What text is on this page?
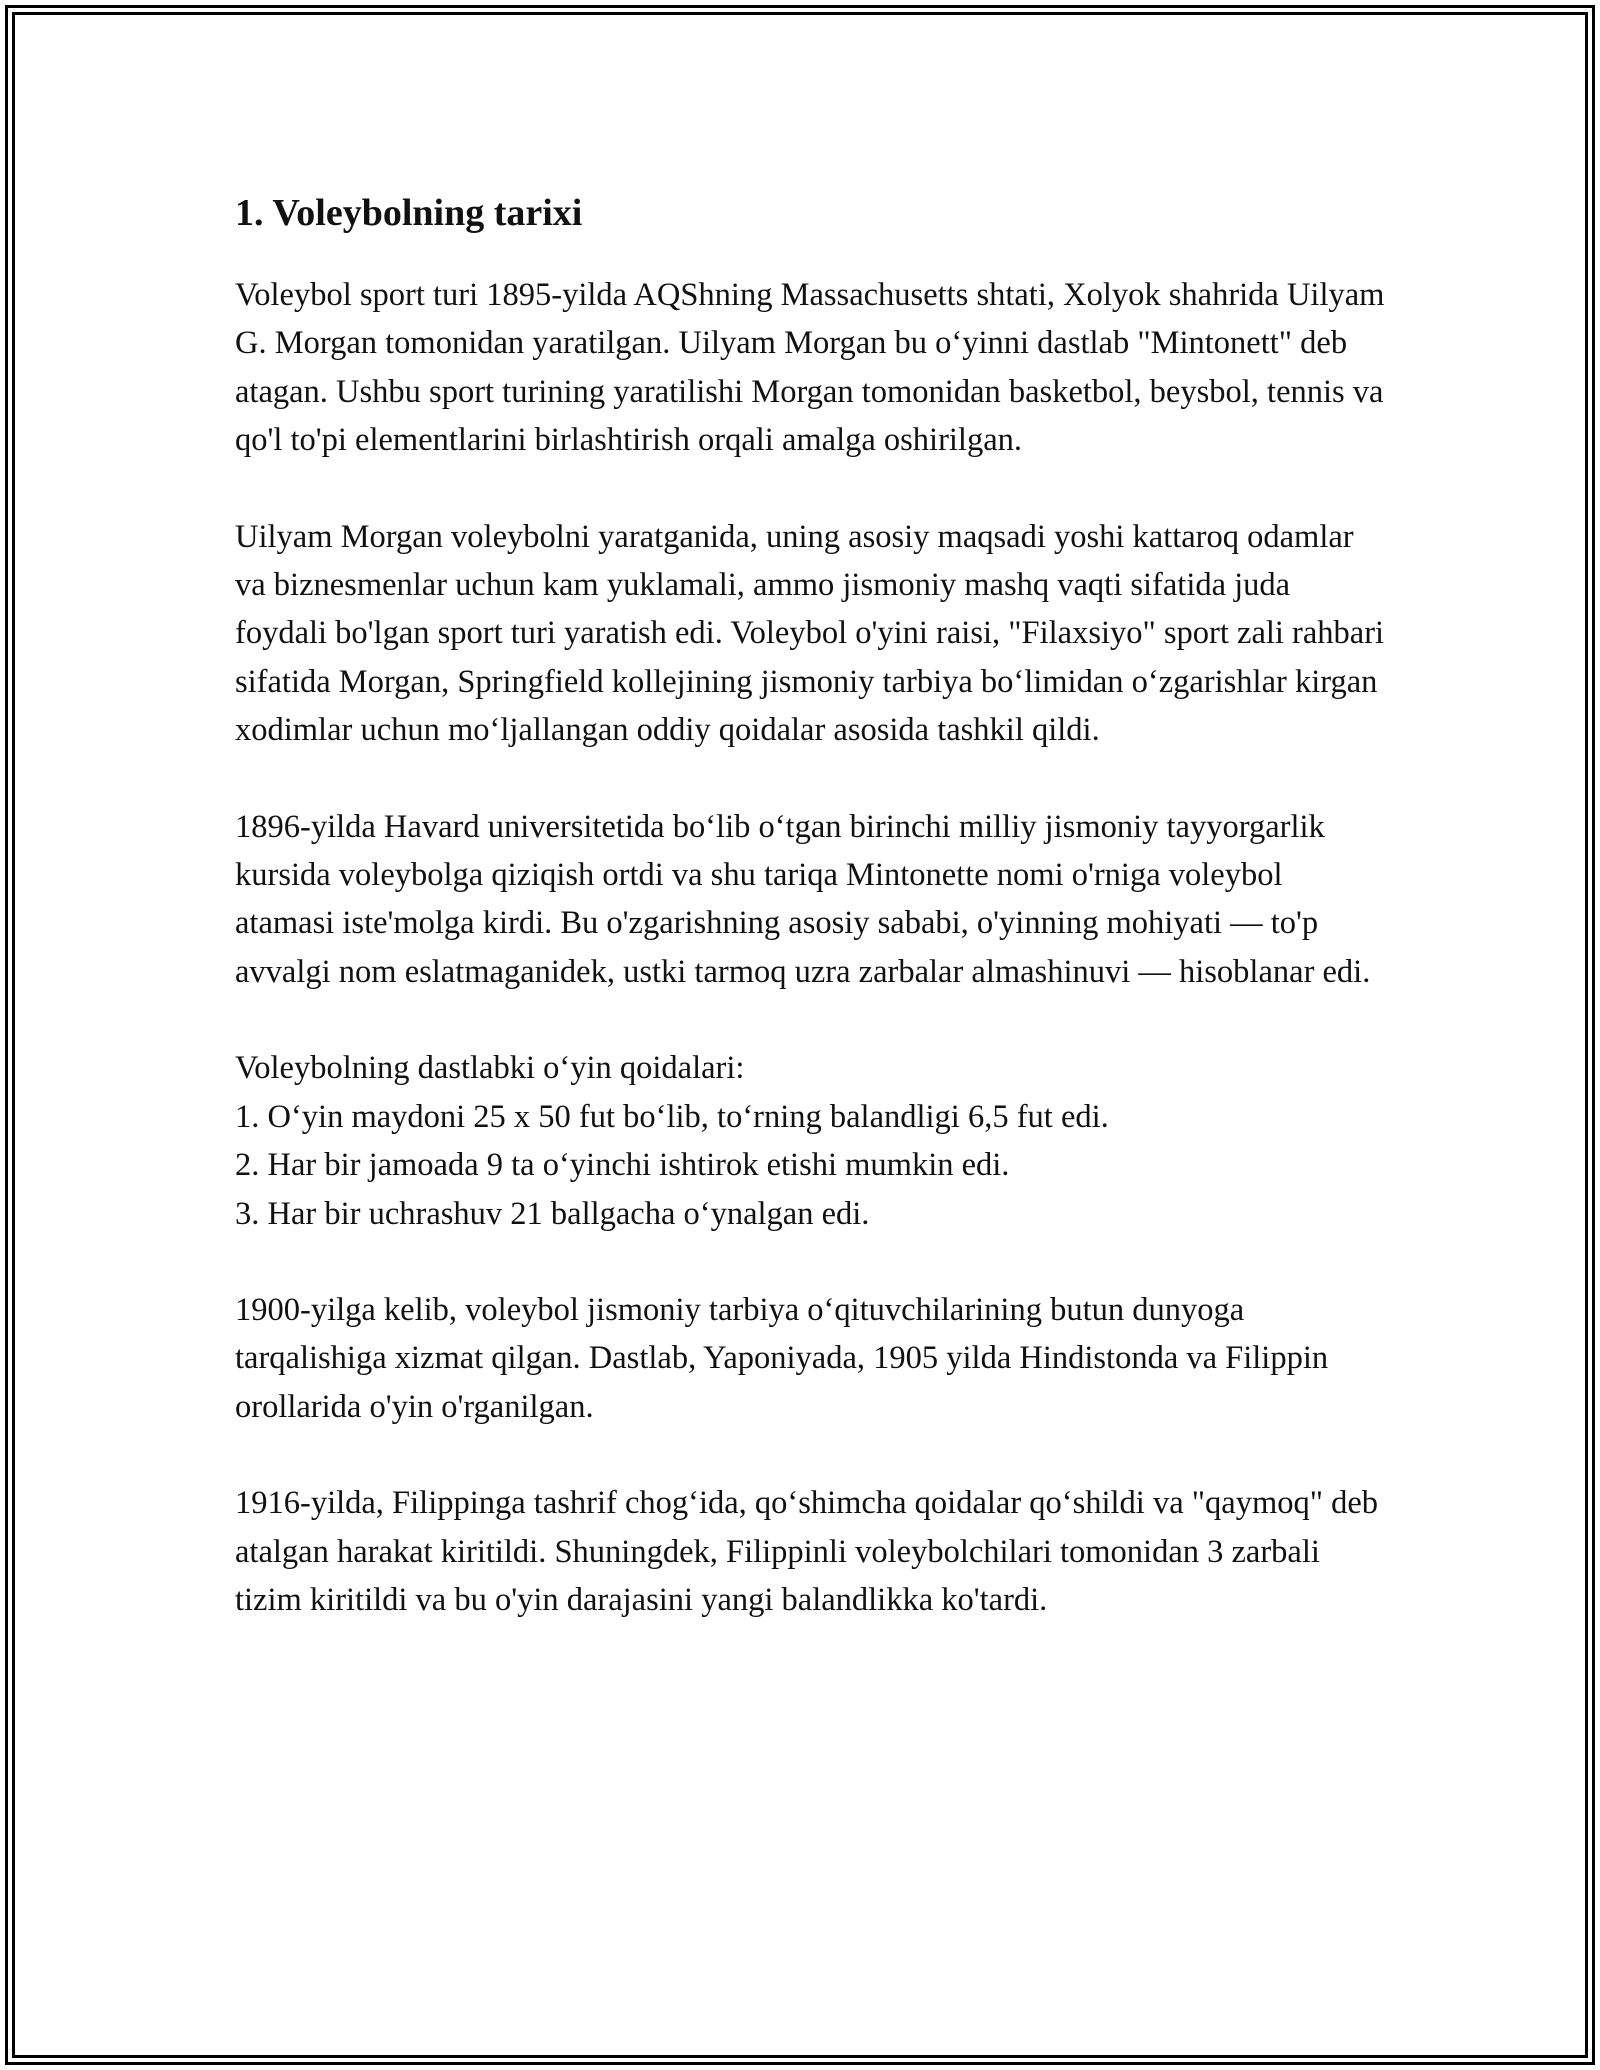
1. Voleybolning tarixi

Voleybol sport turi 1895-yilda AQShning Massachusetts shtati, Xolyok shahrida Uilyam G. Morgan tomonidan yaratilgan. Uilyam Morgan bu o‘yinni dastlab "Mintonett" deb atagan. Ushbu sport turining yaratilishi Morgan tomonidan basketbol, beysbol, tennis va qo'l to'pi elementlarini birlashtirish orqali amalga oshirilgan.

Uilyam Morgan voleybolni yaratganida, uning asosiy maqsadi yoshi kattaroq odamlar va biznesmenlar uchun kam yuklamali, ammo jismoniy mashq vaqti sifatida juda foydali bo'lgan sport turi yaratish edi. Voleybol o'yini raisi, "Filaxsiyo" sport zali rahbari sifatida Morgan, Springfield kollejining jismoniy tarbiya bo‘limidan o‘zgarishlar kirgan xodimlar uchun mo‘ljallangan oddiy qoidalar asosida tashkil qildi.

1896-yilda Havard universitetida bo‘lib o‘tgan birinchi milliy jismoniy tayyorgarlik kursida voleybolga qiziqish ortdi va shu tariqa Mintonette nomi o'rniga voleybol atamasi iste'molga kirdi. Bu o'zgarishning asosiy sababi, o'yinning mohiyati — to'p avvalgi nom eslatmaganidek, ustki tarmoq uzra zarbalar almashinuvi — hisoblanar edi.

Voleybolning dastlabki o‘yin qoidalari:
1. O‘yin maydoni 25 x 50 fut bo‘lib, to‘rning balandligi 6,5 fut edi.
2. Har bir jamoada 9 ta o‘yinchi ishtirok etishi mumkin edi.
3. Har bir uchrashuv 21 ballgacha o‘ynalgan edi.

1900-yilga kelib, voleybol jismoniy tarbiya o‘qituvchilarining butun dunyoga tarqalishiga xizmat qilgan. Dastlab, Yaponiyada, 1905 yilda Hindistonda va Filippin orollarida o'yin o'rganilgan.

1916-yilda, Filippinga tashrif chog‘ida, qo‘shimcha qoidalar qo‘shildi va "qaymoq" deb atalgan harakat kiritildi. Shuningdek, Filippinli voleybolchilari tomonidan 3 zarbali tizim kiritildi va bu o'yin darajasini yangi balandlikka ko'tardi.
